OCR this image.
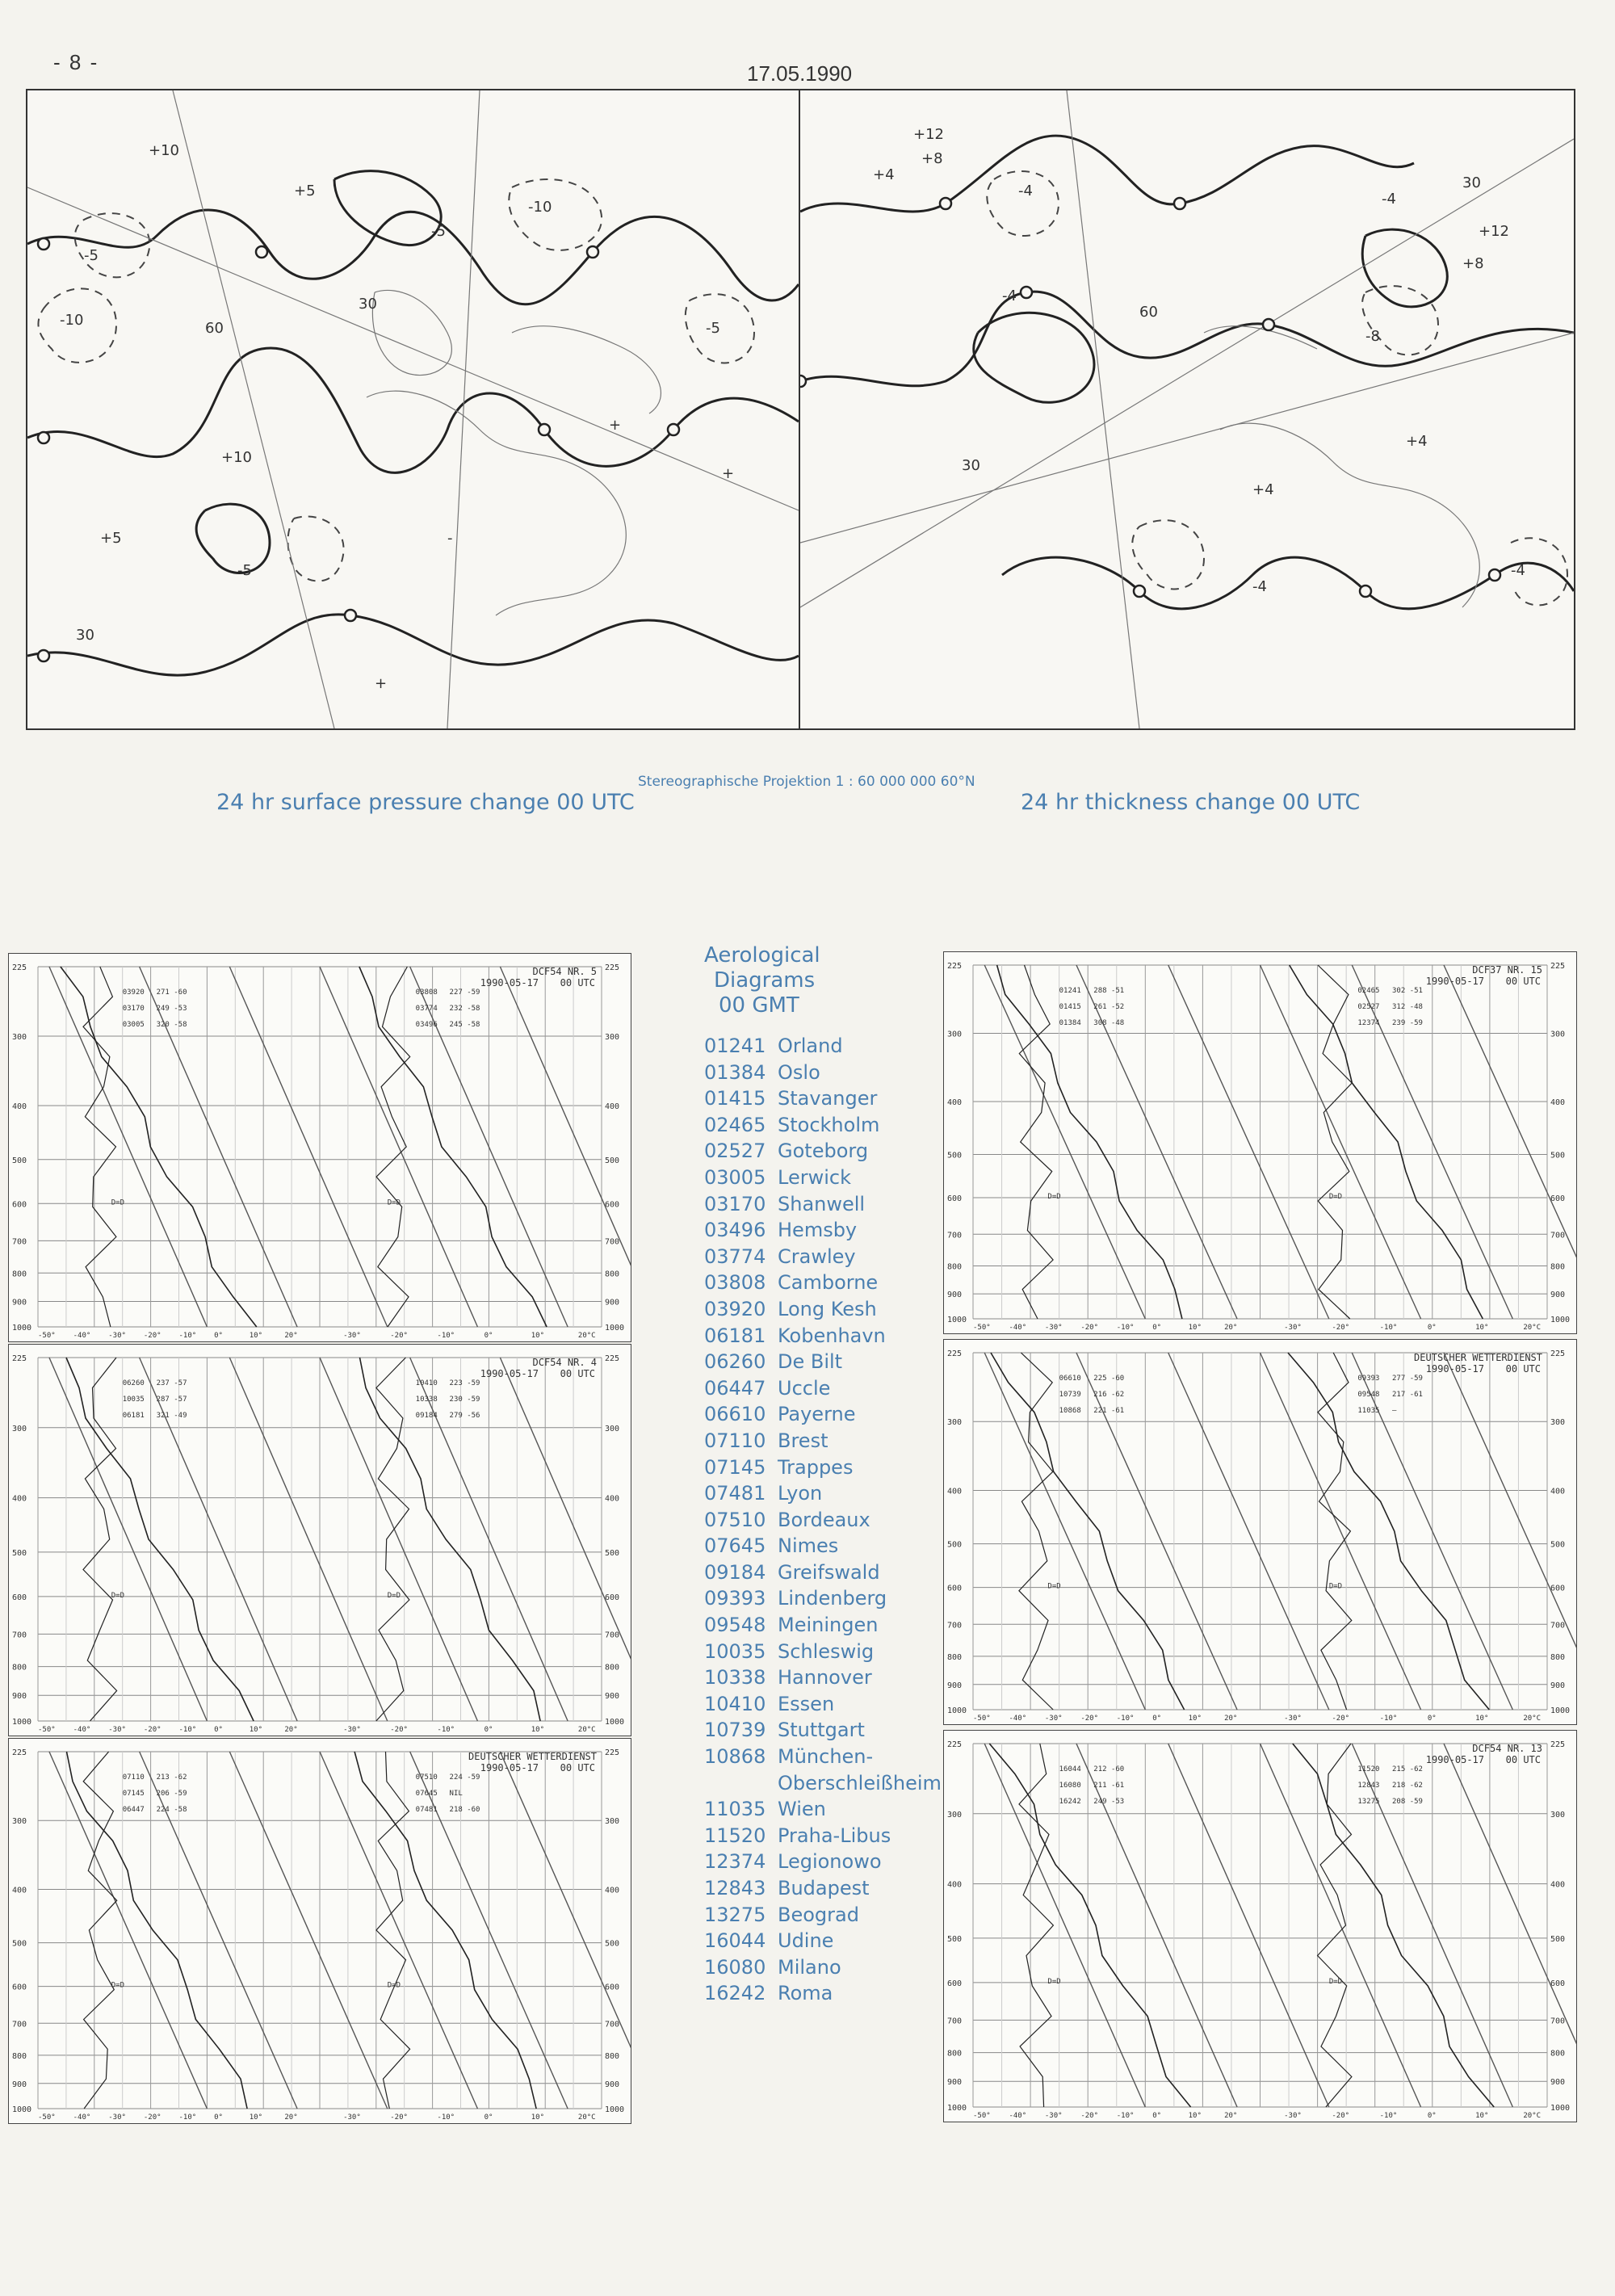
- 8 -	17.05.1990
+10
+5
-5
-10
+10
-5
-10
-5
+
-5
+5	-
+
+
30
30
60
+12
+8
+4
-4
-4
-4
+12
+8
+4
-4
-4
-8
+4
30
60
30
24 hr surface pressure change 00 UTC
Stereographische Projektion 1 : 60 000 000 60°N
24 hr thickness change 00 UTC
Aerological
Diagrams
00 GMT
01241 Orland
01384 Oslo
01415 Stavanger
02465 Stockholm
02527 Goteborg
03005 Lerwick
03170 Shanwell
03496 Hemsby
03774 Crawley
03808 Camborne
03920 Long Kesh
06181 Kobenhavn
06260 De Bilt
06447 Uccle
06610 Payerne
07110 Brest
07145 Trappes
07481 Lyon
07510 Bordeaux
07645 Nimes
09184 Greifswald
09393 Lindenberg
09548 Meiningen
10035 Schleswig
10338 Hannover
10410 Essen
10739 Stuttgart
10868 München-
Oberschleißheim
11035 Wien
11520 Praha-Libus
12374 Legionowo
12843 Budapest
13275 Beograd
16044 Udine
16080 Milano
16242 Roma
225	225
300	300
400	400
500	500
600	600
700	700
800	800
900	900
1000	1000
-50° -40° -30° -20° -10° 0°	10°	20°	-30°	-20°	-10°	0°	10°	20°C
DCF54 NR. 5
1990-05-17 00 UTC
03920 271 -60
03170 249 -53
03005 320 -58
03808 227 -59
03774 232 -58
03496 245 -58
D=D	D=D
225	225
300	300
400	400
500	500
600	600
700	700
800	800
900	900
1000	1000
-50° -40° -30° -20° -10° 0°	10°	20°	-30°	-20°	-10°	0°	10°	20°C
DCF54 NR. 4
1990-05-17 00 UTC
06260 237 -57
10035 287 -57
06181 321 -49
10410 223 -59
10338 230 -59
09184 279 -56
D=D	D=D
225	225
300	300
400	400
500	500
600	600
700	700
800	800
900	900
1000	1000
-50° -40° -30° -20° -10° 0°	10°	20°	-30°	-20°	-10°	0°	10°	20°C
DEUTSCHER WETTERDIENST
1990-05-17 00 UTC
07110 213 -62
07145 206 -59
06447 224 -58
07510 224 -59
07645 NIL
07481 218 -60
D=D	D=D
225	225
300	300
400	400
500	500
600	600
700	700
800	800
900	900
1000	1000
-50°	-40°	-30°	-20°	-10°	0°	10°	20°	-30°	-20°	-10°	0°	10°	20°C
DCF37 NR. 15
1990-05-17 00 UTC
01241 288 -51
01415 261 -52
01384 308 -48
02465 302 -51
02527 312 -48
12374 239 -59
D=D	D=D
225	225
300	300
400	400
500	500
600	600
700	700
800	800
900	900
1000	1000
-50°	-40°	-30°	-20°	-10°	0°	10°	20°	-30°	-20°	-10°	0°	10°	20°C
DEUTSCHER WETTERDIENST
1990-05-17 00 UTC
06610 225 -60
10739 216 -62
10868 221 -61
09393 277 -59
09548 217 -61
11035 —
D=D	D=D
225	225
300	300
400	400
500	500
600	600
700	700
800	800
900	900
1000	1000
-50°	-40°	-30°	-20°	-10°	0°	10°	20°	-30°	-20°	-10°	0°	10°	20°C
DCF54 NR. 13
1990-05-17 00 UTC
16044 212 -60
16080 211 -61
16242 249 -53
11520 215 -62
12843 218 -62
13275 208 -59
D=D	D=D
